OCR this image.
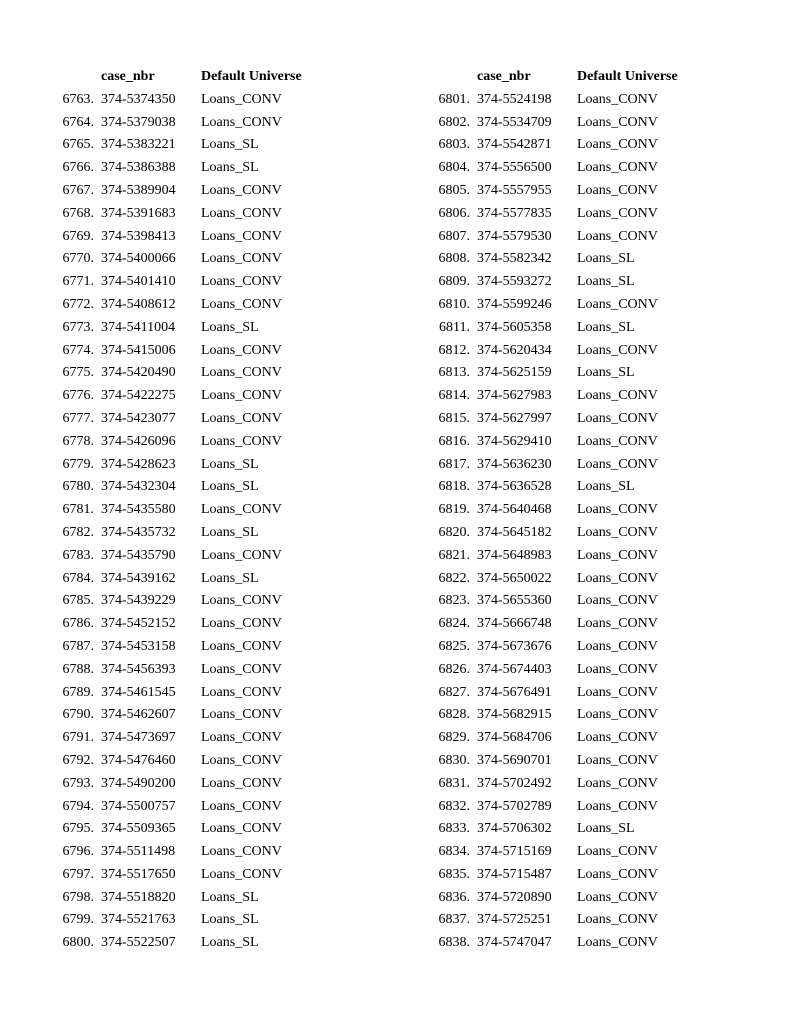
case_nbr	Default Universe
6763. 374-5374350 Loans_CONV
6764. 374-5379038 Loans_CONV
6765. 374-5383221 Loans_SL
6766. 374-5386388 Loans_SL
6767. 374-5389904 Loans_CONV
6768. 374-5391683 Loans_CONV
6769. 374-5398413 Loans_CONV
6770. 374-5400066 Loans_CONV
6771. 374-5401410 Loans_CONV
6772. 374-5408612 Loans_CONV
6773. 374-5411004 Loans_SL
6774. 374-5415006 Loans_CONV
6775. 374-5420490 Loans_CONV
6776. 374-5422275 Loans_CONV
6777. 374-5423077 Loans_CONV
6778. 374-5426096 Loans_CONV
6779. 374-5428623 Loans_SL
6780. 374-5432304 Loans_SL
6781. 374-5435580 Loans_CONV
6782. 374-5435732 Loans_SL
6783. 374-5435790 Loans_CONV
6784. 374-5439162 Loans_SL
6785. 374-5439229 Loans_CONV
6786. 374-5452152 Loans_CONV
6787. 374-5453158 Loans_CONV
6788. 374-5456393 Loans_CONV
6789. 374-5461545 Loans_CONV
6790. 374-5462607 Loans_CONV
6791. 374-5473697 Loans_CONV
6792. 374-5476460 Loans_CONV
6793. 374-5490200 Loans_CONV
6794. 374-5500757 Loans_CONV
6795. 374-5509365 Loans_CONV
6796. 374-5511498 Loans_CONV
6797. 374-5517650 Loans_CONV
6798. 374-5518820 Loans_SL
6799. 374-5521763 Loans_SL
6800. 374-5522507 Loans_SL
case_nbr	Default Universe
6801. 374-5524198 Loans_CONV
6802. 374-5534709 Loans_CONV
6803. 374-5542871 Loans_CONV
6804. 374-5556500 Loans_CONV
6805. 374-5557955 Loans_CONV
6806. 374-5577835 Loans_CONV
6807. 374-5579530 Loans_CONV
6808. 374-5582342 Loans_SL
6809. 374-5593272 Loans_SL
6810. 374-5599246 Loans_CONV
6811. 374-5605358 Loans_SL
6812. 374-5620434 Loans_CONV
6813. 374-5625159 Loans_SL
6814. 374-5627983 Loans_CONV
6815. 374-5627997 Loans_CONV
6816. 374-5629410 Loans_CONV
6817. 374-5636230 Loans_CONV
6818. 374-5636528 Loans_SL
6819. 374-5640468 Loans_CONV
6820. 374-5645182 Loans_CONV
6821. 374-5648983 Loans_CONV
6822. 374-5650022 Loans_CONV
6823. 374-5655360 Loans_CONV
6824. 374-5666748 Loans_CONV
6825. 374-5673676 Loans_CONV
6826. 374-5674403 Loans_CONV
6827. 374-5676491 Loans_CONV
6828. 374-5682915 Loans_CONV
6829. 374-5684706 Loans_CONV
6830. 374-5690701 Loans_CONV
6831. 374-5702492 Loans_CONV
6832. 374-5702789 Loans_CONV
6833. 374-5706302 Loans_SL
6834. 374-5715169 Loans_CONV
6835. 374-5715487 Loans_CONV
6836. 374-5720890 Loans_CONV
6837. 374-5725251 Loans_CONV
6838. 374-5747047 Loans_CONV
